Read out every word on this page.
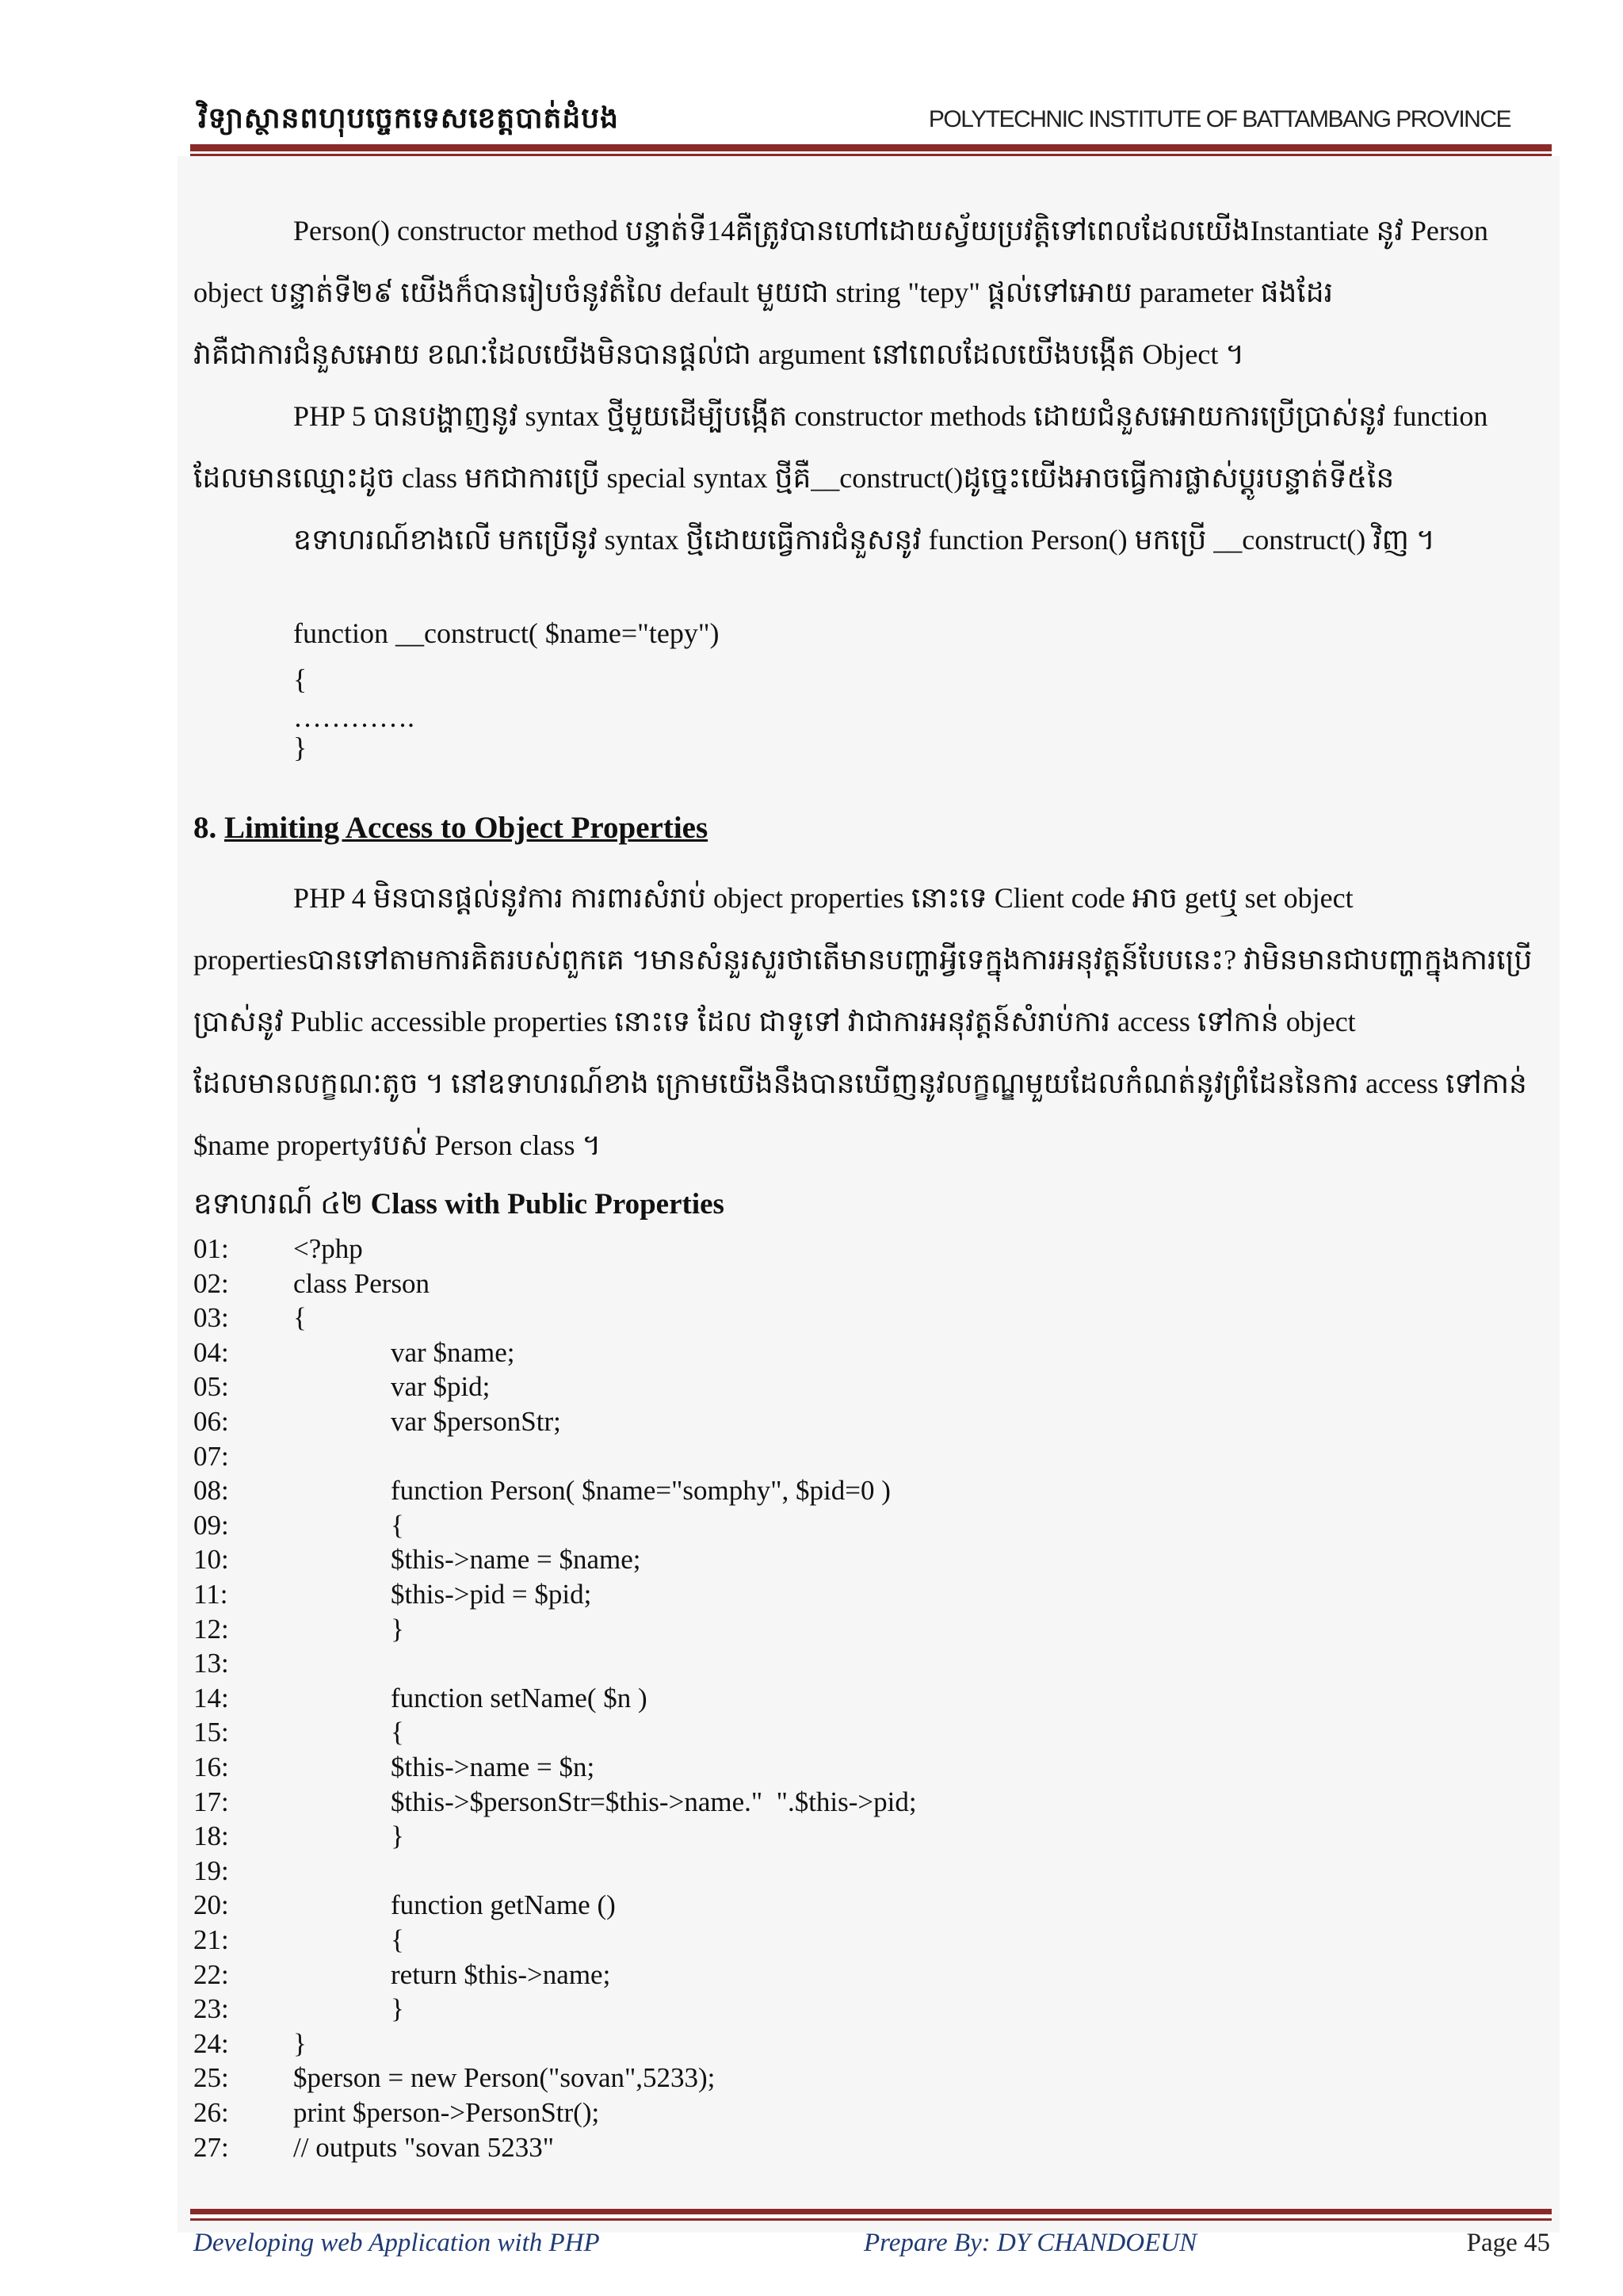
វិទ្យាស្ថានពហុបច្ចេកទេសខេត្តបាត់ដំបង	POLYTECHNIC INSTITUTE OF BATTAMBANG PROVINCE
Person() constructor method បន្ទាត់ទី14គឺត្រូវបានហៅដោយស្វ័យប្រវត្តិទៅពេលដែលយើងInstantiate នូវ Person
object បន្ទាត់ទី២៩ យើងក៏បានរៀបចំនូវតំលៃ default មួយជា string "tepy" ផ្តល់ទៅអោយ parameter ផងដែរ
វាគឺជាការជំនួសអោយ ខណៈដែលយើងមិនបានផ្តល់ជា argument នៅពេលដែលយើងបង្កើត Object ។
PHP 5 បានបង្ហាញនូវ syntax ថ្មីមួយដើម្បីបង្កើត constructor methods ដោយជំនួសអោយការប្រើប្រាស់នូវ function
ដែលមានឈ្មោះដូច class មកជាការប្រើ special syntax ថ្មីគឺ__construct()ដូច្នេះយើងអាចធ្វើការផ្លាស់ប្តូរបន្ទាត់ទី៥នៃ
ឧទាហរណ៍ខាងលើ មកប្រើនូវ syntax ថ្មីដោយធ្វើការជំនួសនូវ function Person() មកប្រើ __construct() វិញ ។
function __construct( $name="tepy")
{
………….
}
8. Limiting Access to Object Properties
PHP 4 មិនបានផ្តល់នូវការ ការពារសំរាប់ object properties នោះទេ Client code អាច getឬ set object
propertiesបានទៅតាមការគិតរបស់ពួកគេ ។មានសំនួរសួរថាតើមានបញ្ហាអ្វីទេក្នុងការអនុវត្តន៍បែបនេះ? វាមិនមានជាបញ្ហាក្នុងការប្រើ
ប្រាស់នូវ Public accessible properties នោះទេ ដែល ជាទូទៅ វាជាការអនុវត្តន៍សំរាប់ការ access ទៅកាន់ object
ដែលមានលក្ខណៈតូច ។ នៅឧទាហរណ៍ខាង ក្រោមយើងនឹងបានឃើញនូវលក្ខណ្ឌមួយដែលកំណត់នូវព្រំដែននៃការ access ទៅកាន់
$name propertyរបស់ Person class ។
ឧទាហរណ៍ ៤២ Class with Public Properties
01: <?php
02: class Person
03: {
04:	var $name;
05:	var $pid;
06:	var $personStr;
07:
08:	function Person( $name="somphy", $pid=0 )
09:	{
10:	$this->name = $name;
11:	$this->pid = $pid;
12:	}
13:
14:	function setName( $n )
15:	{
16:	$this->name = $n;
17:	$this->$personStr=$this->name."  ".$this->pid;
18:	}
19:
20:	function getName ()
21:	{
22:	return $this->name;
23:	}
24: }
25: $person = new Person("sovan",5233);
26: print $person->PersonStr();
27: // outputs "sovan 5233"
Developing web Application with PHP	Prepare By: DY CHANDOEUN	Page 45
